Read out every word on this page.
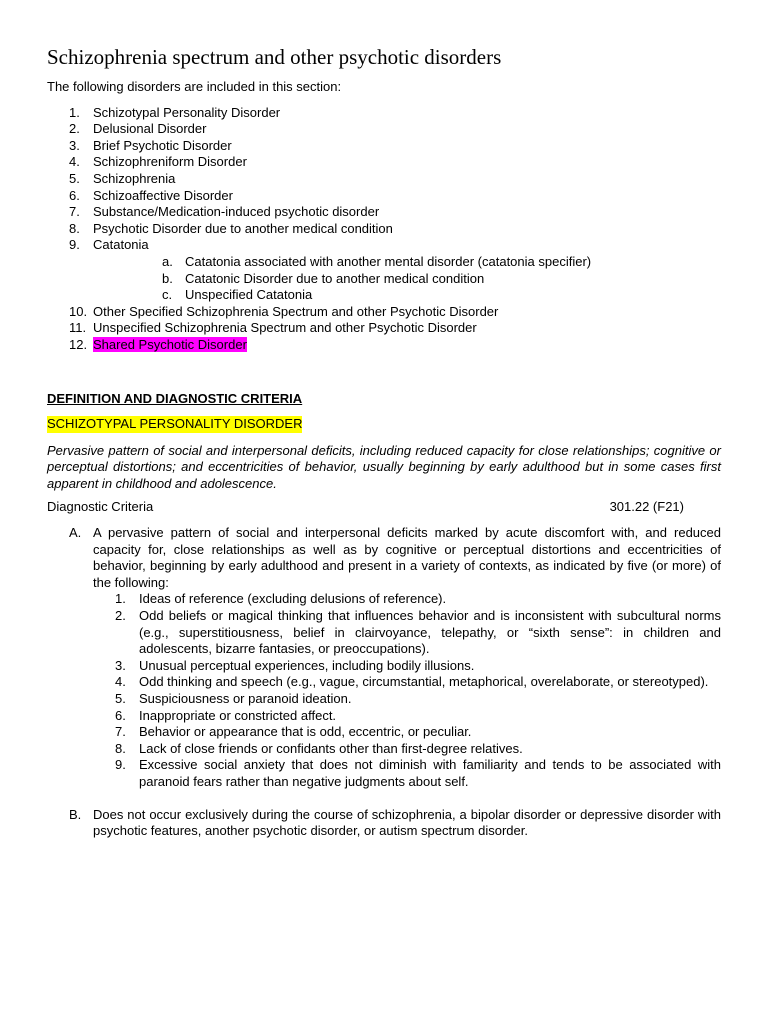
Schizophrenia spectrum and other psychotic disorders

The following disorders are included in this section:

1. Schizotypal Personality Disorder
2. Delusional Disorder
3. Brief Psychotic Disorder
4. Schizophreniform Disorder
5. Schizophrenia
6. Schizoaffective Disorder
7. Substance/Medication-induced psychotic disorder
8. Psychotic Disorder due to another medical condition
9. Catatonia
a. Catatonia associated with another mental disorder (catatonia specifier)
b. Catatonic Disorder due to another medical condition
c. Unspecified Catatonia
10. Other Specified Schizophrenia Spectrum and other Psychotic Disorder
11. Unspecified Schizophrenia Spectrum and other Psychotic Disorder
12. Shared Psychotic Disorder

DEFINITION AND DIAGNOSTIC CRITERIA

SCHIZOTYPAL PERSONALITY DISORDER

Pervasive pattern of social and interpersonal deficits, including reduced capacity for close relationships; cognitive or perceptual distortions; and eccentricities of behavior, usually beginning by early adulthood but in some cases first apparent in childhood and adolescence.

Diagnostic Criteria	301.22 (F21)
A. A pervasive pattern of social and interpersonal deficits marked by acute discomfort with, and reduced capacity for, close relationships as well as by cognitive or perceptual distortions and eccentricities of behavior, beginning by early adulthood and present in a variety of contexts, as indicated by five (or more) of the following:
1. Ideas of reference (excluding delusions of reference).
2. Odd beliefs or magical thinking that influences behavior and is inconsistent with subcultural norms (e.g., superstitiousness, belief in clairvoyance, telepathy, or “sixth sense”: in children and adolescents, bizarre fantasies, or preoccupations).
3. Unusual perceptual experiences, including bodily illusions.
4. Odd thinking and speech (e.g., vague, circumstantial, metaphorical, overelaborate, or stereotyped).
5. Suspiciousness or paranoid ideation.
6. Inappropriate or constricted affect.
7. Behavior or appearance that is odd, eccentric, or peculiar.
8. Lack of close friends or confidants other than first-degree relatives.
9. Excessive social anxiety that does not diminish with familiarity and tends to be associated with paranoid fears rather than negative judgments about self.
B. Does not occur exclusively during the course of schizophrenia, a bipolar disorder or depressive disorder with psychotic features, another psychotic disorder, or autism spectrum disorder.
